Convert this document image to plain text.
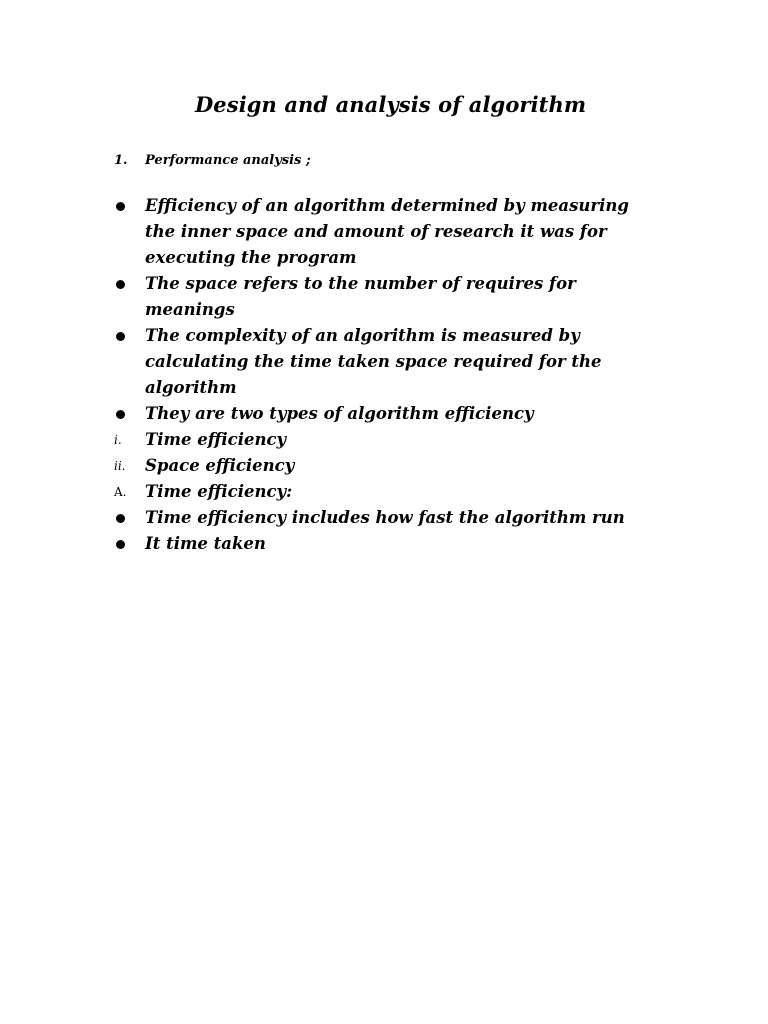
Design and analysis of algorithm
1. Performance analysis ;
Efficiency of an algorithm determined by measuring the inner space and amount of research it was for executing the program
The space refers to the number of requires for meanings
The complexity of an algorithm is measured by calculating the time taken space required for the algorithm
They are two types of algorithm efficiency
i.	Time efficiency
ii.	Space efficiency
A.	Time efficiency:
Time efficiency includes how fast the algorithm run
It time taken
